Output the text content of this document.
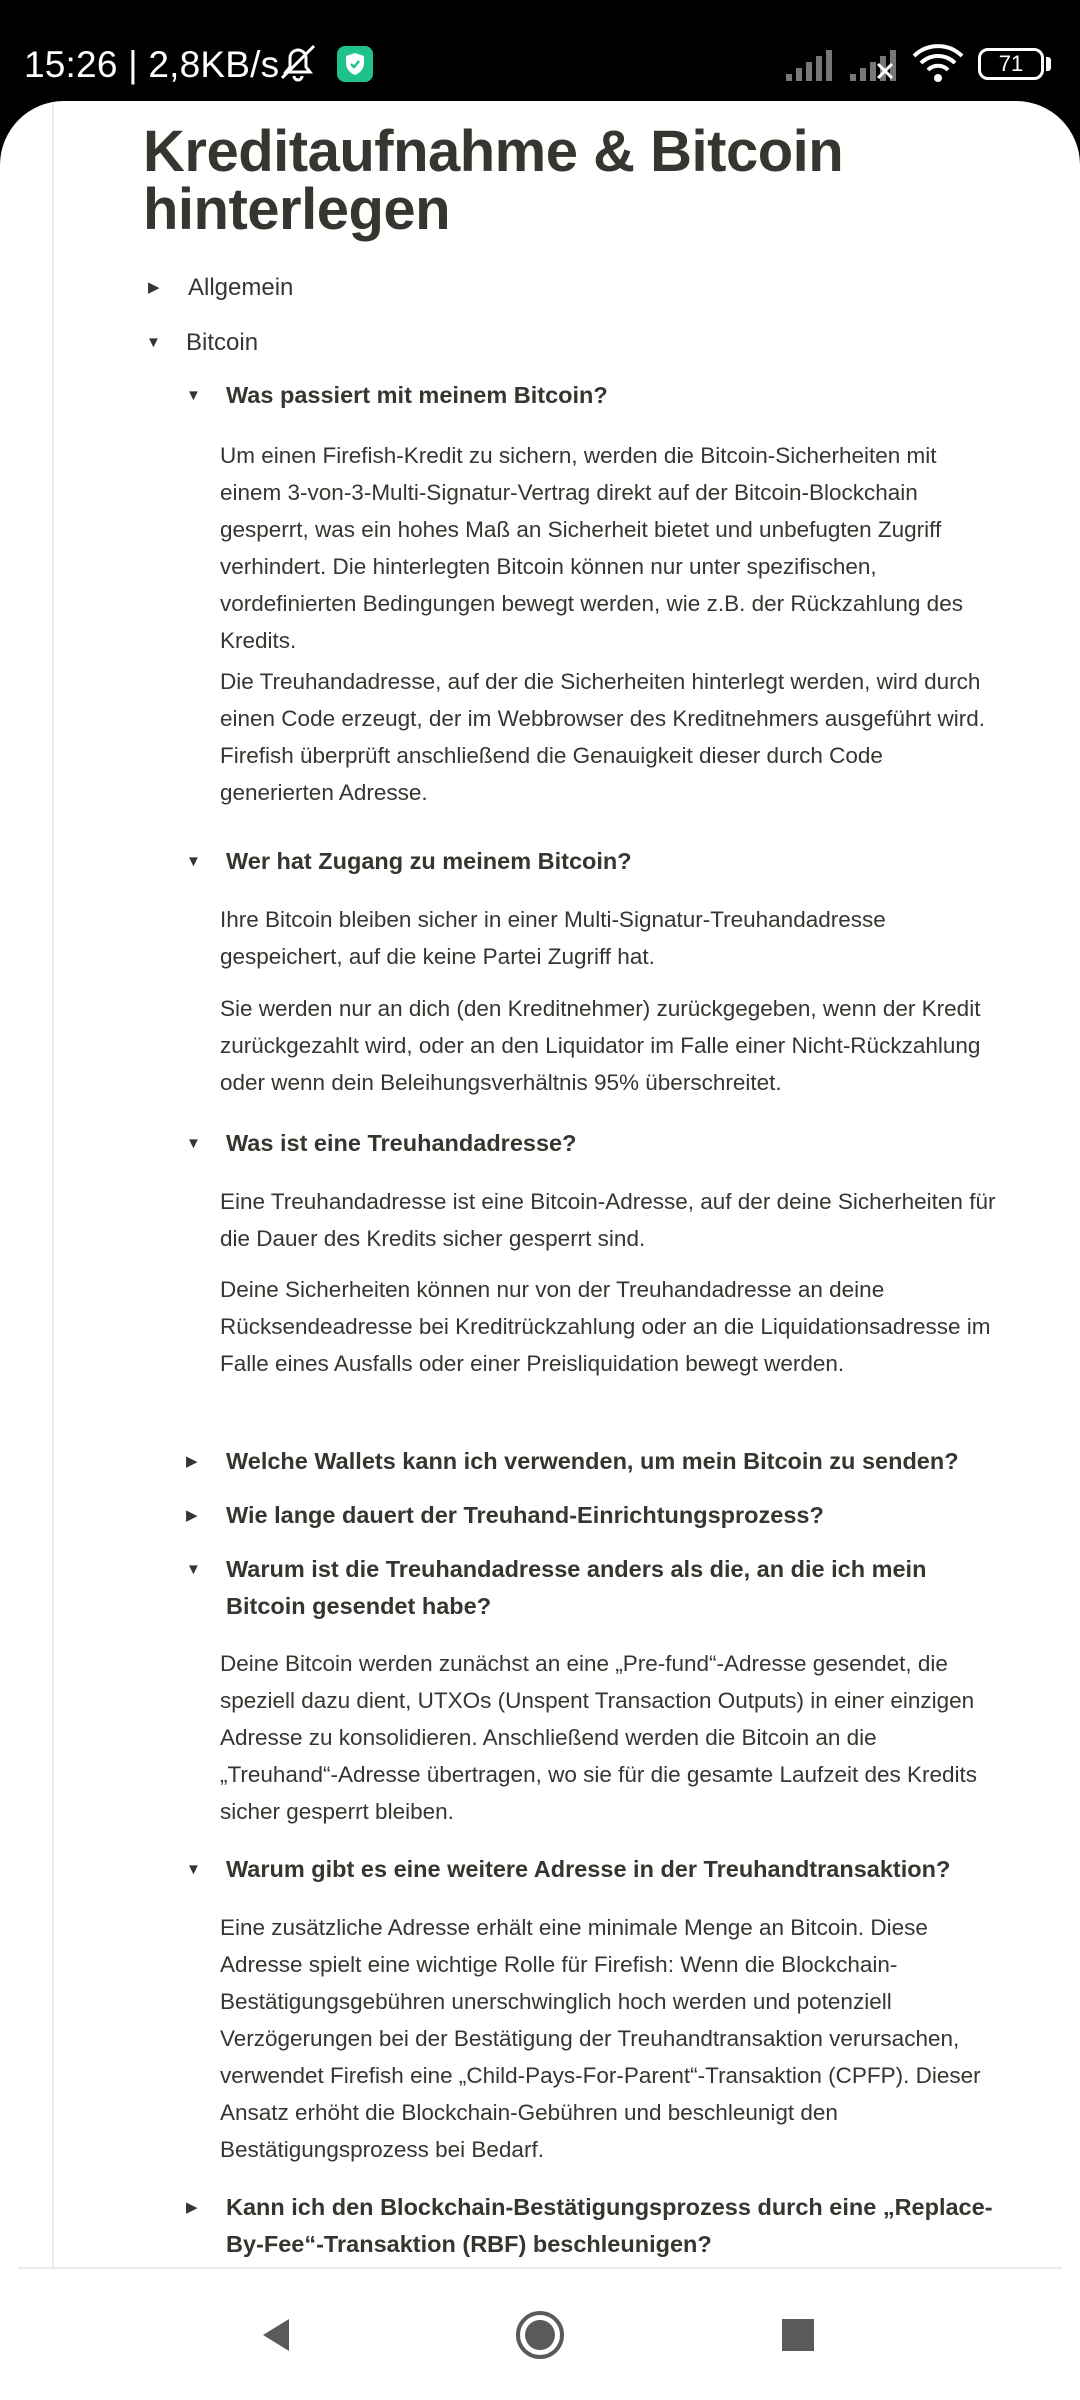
15:26 | 2,8KB/s	71
Kreditaufnahme & Bitcoin hinterlegen
▶	Allgemein
▼	Bitcoin
▼	Was passiert mit meinem Bitcoin?

Um einen Firefish-Kredit zu sichern, werden die Bitcoin-Sicherheiten mit einem 3-von-3-Multi-Signatur-Vertrag direkt auf der Bitcoin-Blockchain gesperrt, was ein hohes Maß an Sicherheit bietet und unbefugten Zugriff verhindert. Die hinterlegten Bitcoin können nur unter spezifischen, vordefinierten Bedingungen bewegt werden, wie z.B. der Rückzahlung des Kredits.

Die Treuhandadresse, auf der die Sicherheiten hinterlegt werden, wird durch einen Code erzeugt, der im Webbrowser des Kreditnehmers ausgeführt wird. Firefish überprüft anschließend die Genauigkeit dieser durch Code generierten Adresse.

▼	Wer hat Zugang zu meinem Bitcoin?

Ihre Bitcoin bleiben sicher in einer Multi-Signatur-Treuhandadresse gespeichert, auf die keine Partei Zugriff hat.

Sie werden nur an dich (den Kreditnehmer) zurückgegeben, wenn der Kredit zurückgezahlt wird, oder an den Liquidator im Falle einer Nicht-Rückzahlung oder wenn dein Beleihungsverhältnis 95% überschreitet.

▼	Was ist eine Treuhandadresse?

Eine Treuhandadresse ist eine Bitcoin-Adresse, auf der deine Sicherheiten für die Dauer des Kredits sicher gesperrt sind.

Deine Sicherheiten können nur von der Treuhandadresse an deine Rücksendeadresse bei Kreditrückzahlung oder an die Liquidationsadresse im Falle eines Ausfalls oder einer Preisliquidation bewegt werden.

▶	Welche Wallets kann ich verwenden, um mein Bitcoin zu senden?
▶	Wie lange dauert der Treuhand-Einrichtungsprozess?
▼	Warum ist die Treuhandadresse anders als die, an die ich mein Bitcoin gesendet habe?

Deine Bitcoin werden zunächst an eine „Pre-fund“-Adresse gesendet, die speziell dazu dient, UTXOs (Unspent Transaction Outputs) in einer einzigen Adresse zu konsolidieren. Anschließend werden die Bitcoin an die „Treuhand“-Adresse übertragen, wo sie für die gesamte Laufzeit des Kredits sicher gesperrt bleiben.

▼	Warum gibt es eine weitere Adresse in der Treuhandtransaktion?

Eine zusätzliche Adresse erhält eine minimale Menge an Bitcoin. Diese Adresse spielt eine wichtige Rolle für Firefish: Wenn die Blockchain-Bestätigungsgebühren unerschwinglich hoch werden und potenziell Verzögerungen bei der Bestätigung der Treuhandtransaktion verursachen, verwendet Firefish eine „Child-Pays-For-Parent“-Transaktion (CPFP). Dieser Ansatz erhöht die Blockchain-Gebühren und beschleunigt den Bestätigungsprozess bei Bedarf.

▶	Kann ich den Blockchain-Bestätigungsprozess durch eine „Replace-By-Fee“-Transaktion (RBF) beschleunigen?
